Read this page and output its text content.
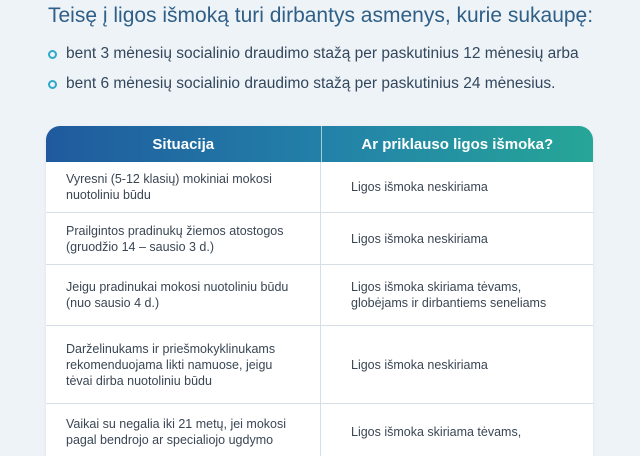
Teisę į ligos išmoką turi dirbantys asmenys, kurie sukaupę:
bent 3 mėnesių socialinio draudimo stažą per paskutinius 12 mėnesių arba
bent 6 mėnesių socialinio draudimo stažą per paskutinius 24 mėnesius.
Situacija	Ar priklauso ligos išmoka?
Vyresni (5-12 klasių) mokiniai mokosi nuotoliniu būdu
Ligos išmoka neskiriama
Prailgintos pradinukų žiemos atostogos (gruodžio 14 – sausio 3 d.)
Ligos išmoka neskiriama
Jeigu pradinukai mokosi nuotoliniu būdu (nuo sausio 4 d.)
Ligos išmoka skiriama tėvams, globėjams ir dirbantiems seneliams
Darželinukams ir priešmokyklinukams rekomenduojama likti namuose, jeigu tėvai dirba nuotoliniu būdu
Ligos išmoka neskiriama
Vaikai su negalia iki 21 metų, jei mokosi pagal bendrojo ar specialiojo ugdymo
Ligos išmoka skiriama tėvams,
